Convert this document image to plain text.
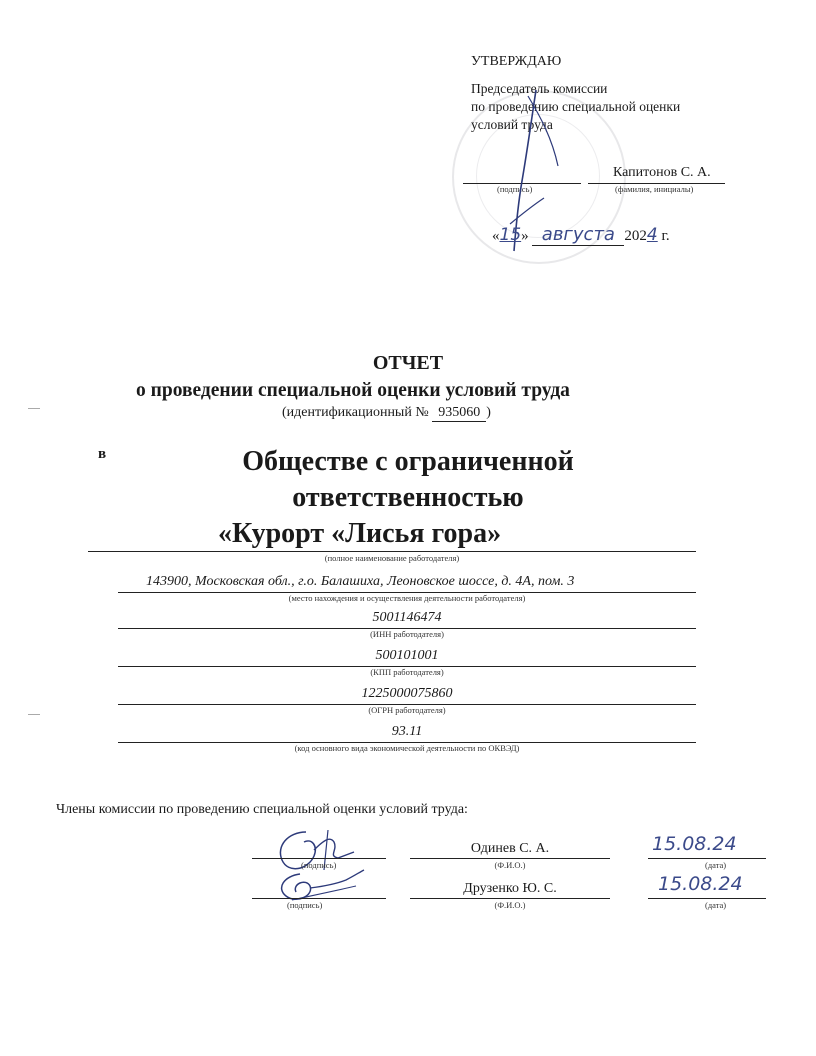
УТВЕРЖДАЮ
Председатель комиссии
по проведению специальной оценки
условий труда
Капитонов С. А.
(подпись)	(фамилия, инициалы)
«15» августа 2024 г.
ОТЧЕТ
о проведении специальной оценки условий труда
(идентификационный № 935060 )
в	Обществе с ограниченной
ответственностью
«Курорт «Лисья гора»
(полное наименование работодателя)
143900, Московская обл., г.о. Балашиха, Леоновское шоссе, д. 4А, пом. 3
(место нахождения и осуществления деятельности работодателя)
5001146474
(ИНН работодателя)
500101001
(КПП работодателя)
1225000075860
(ОГРН работодателя)
93.11
(код основного вида экономической деятельности по ОКВЭД)
Члены комиссии по проведению специальной оценки условий труда:
(подпись)
Одинев С. А.
(Ф.И.О.)
15.08.24
(дата)
(подпись)
Друзенко Ю. С.
(Ф.И.О.)
15.08.24
(дата)
